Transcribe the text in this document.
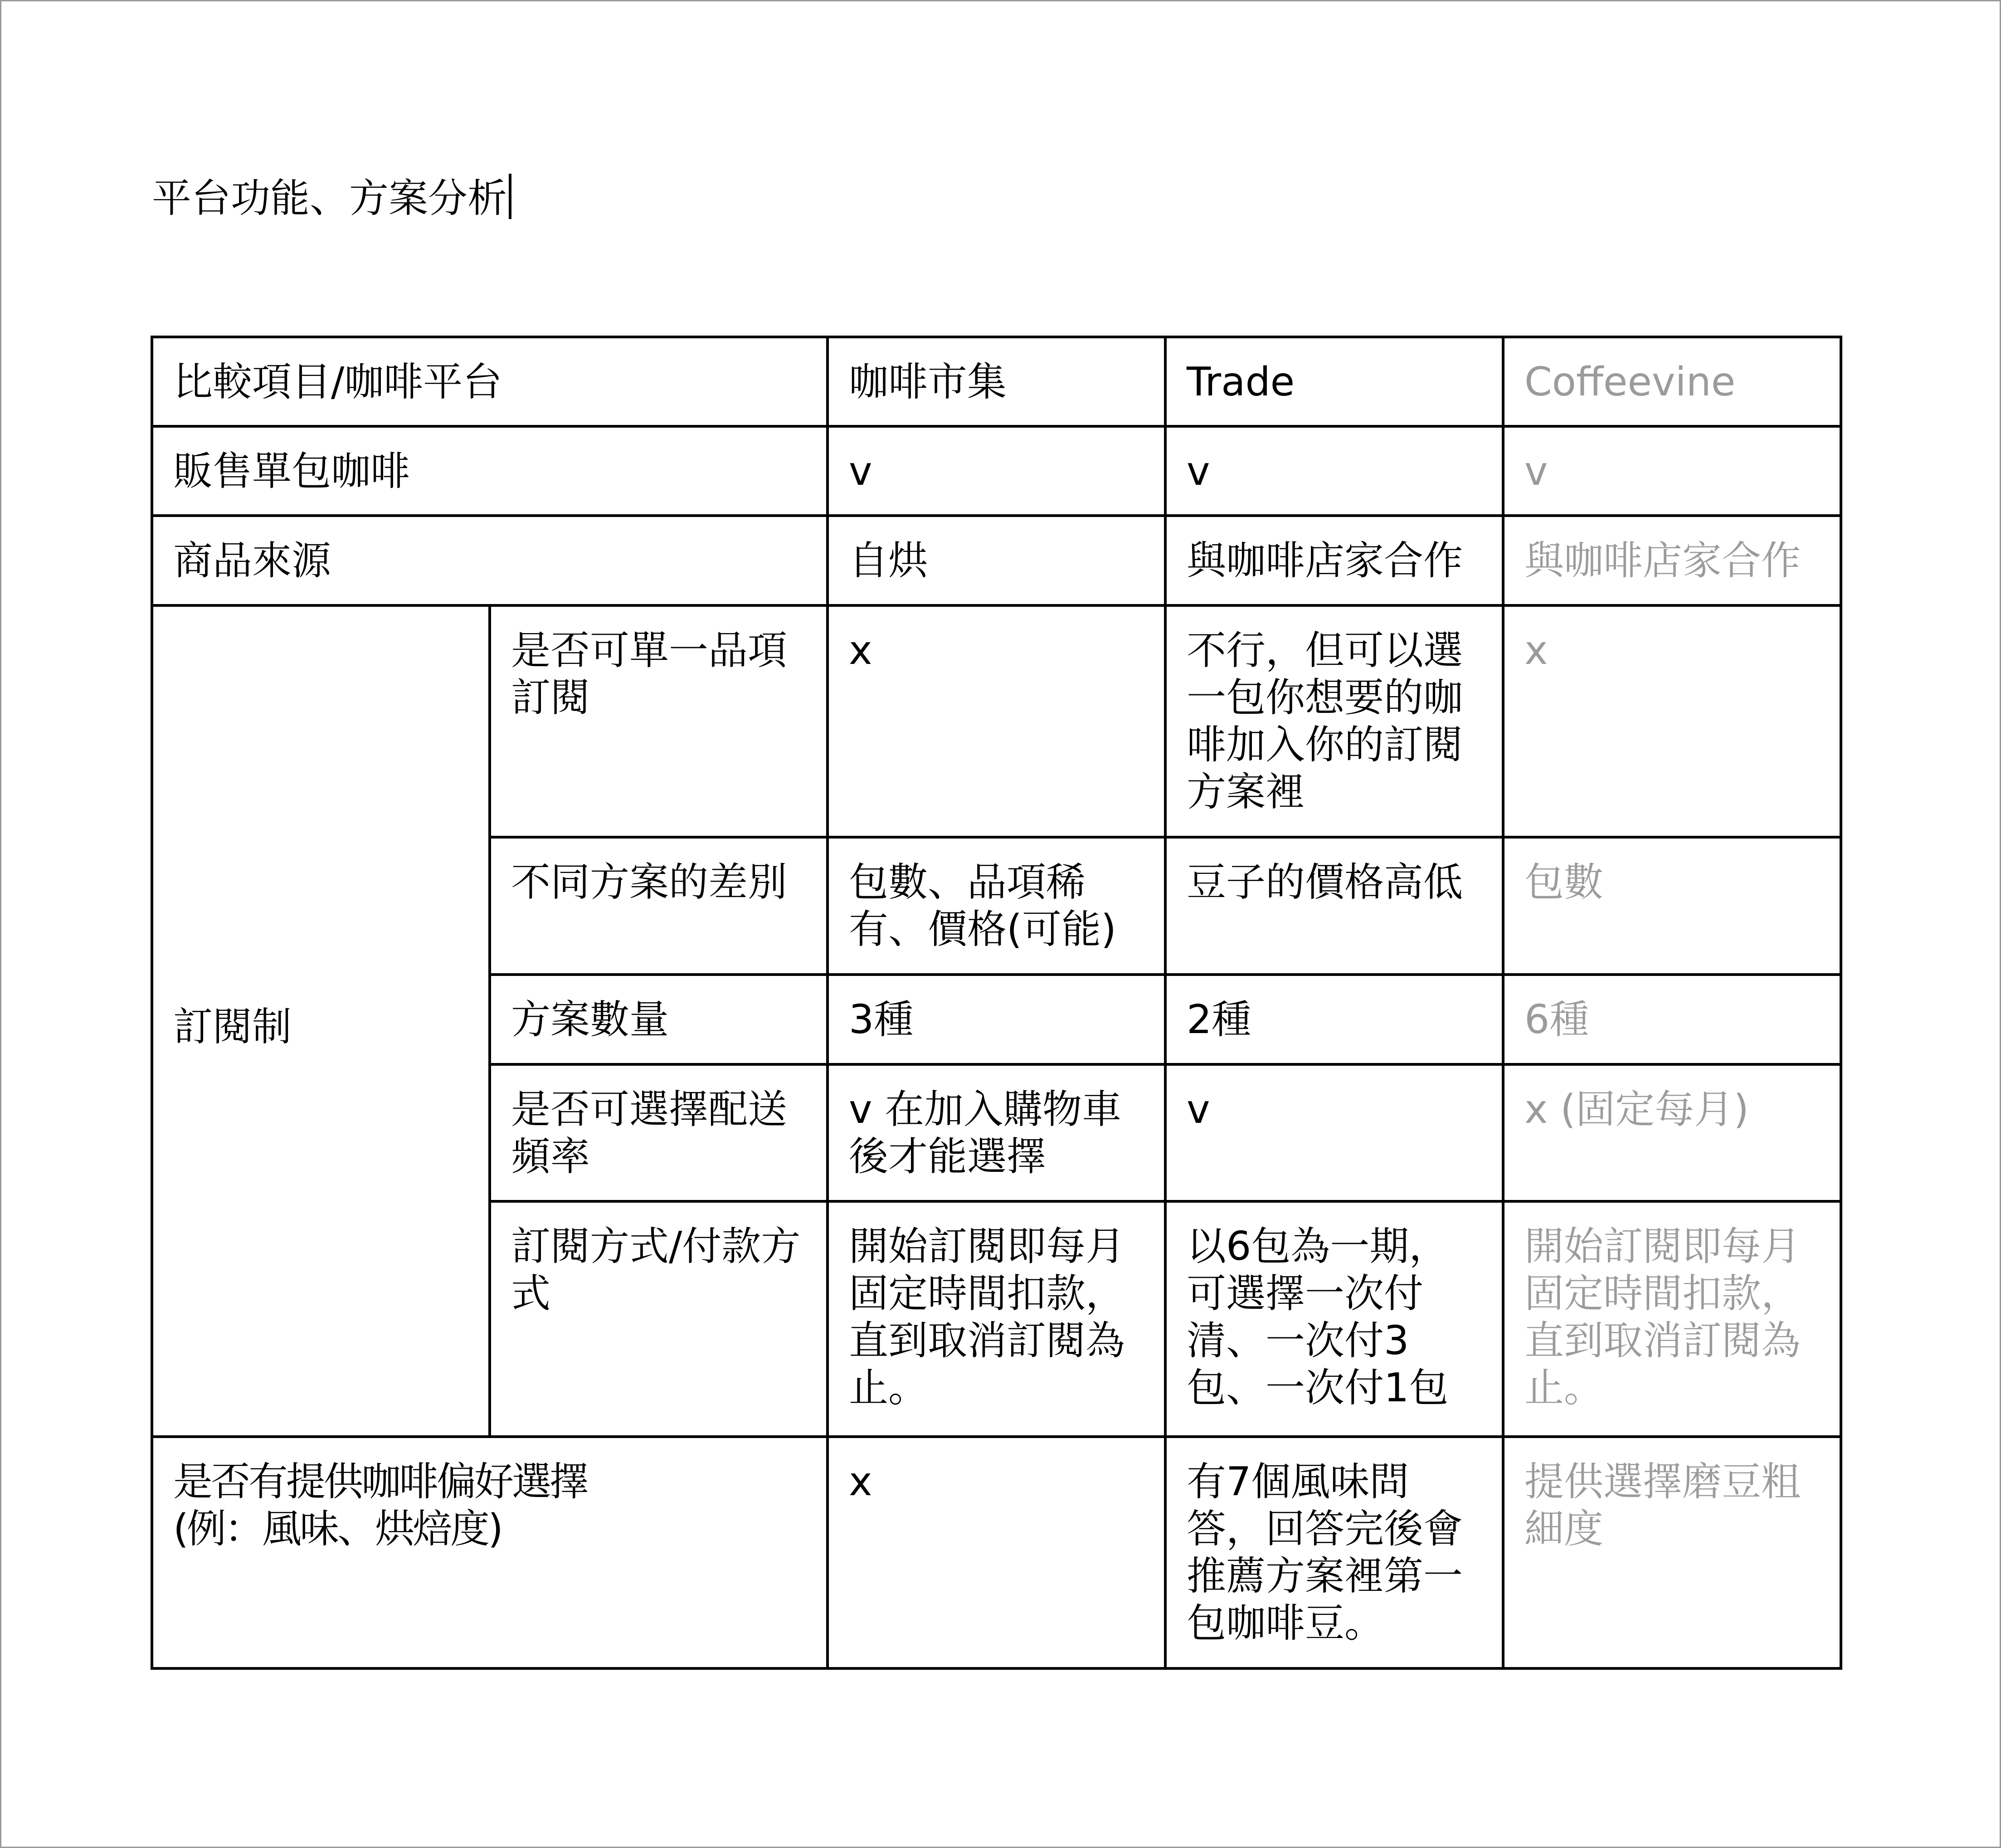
平台功能、方案分析
比較項目/咖啡平台		咖啡市集	Trade	Coffeevine
販售單包咖啡		v	v	v
商品來源		自烘	與咖啡店家合作	與咖啡店家合作
訂閱制	是否可單一品項訂閱	x	不行，但可以選一包你想要的咖啡加入你的訂閱方案裡	x
	不同方案的差別	包數、品項稀有、價格(可能)	豆子的價格高低	包數
	方案數量	3種	2種	6種
	是否可選擇配送頻率	v 在加入購物車後才能選擇	v	x (固定每月)
	訂閱方式/付款方式	開始訂閱即每月固定時間扣款，直到取消訂閱為止。	以6包為一期，可選擇一次付清、一次付3包、一次付1包	開始訂閱即每月固定時間扣款，直到取消訂閱為止。
是否有提供咖啡偏好選擇
(例：風味、烘焙度)		x	有7個風味問答，回答完後會推薦方案裡第一包咖啡豆。	提供選擇磨豆粗細度
